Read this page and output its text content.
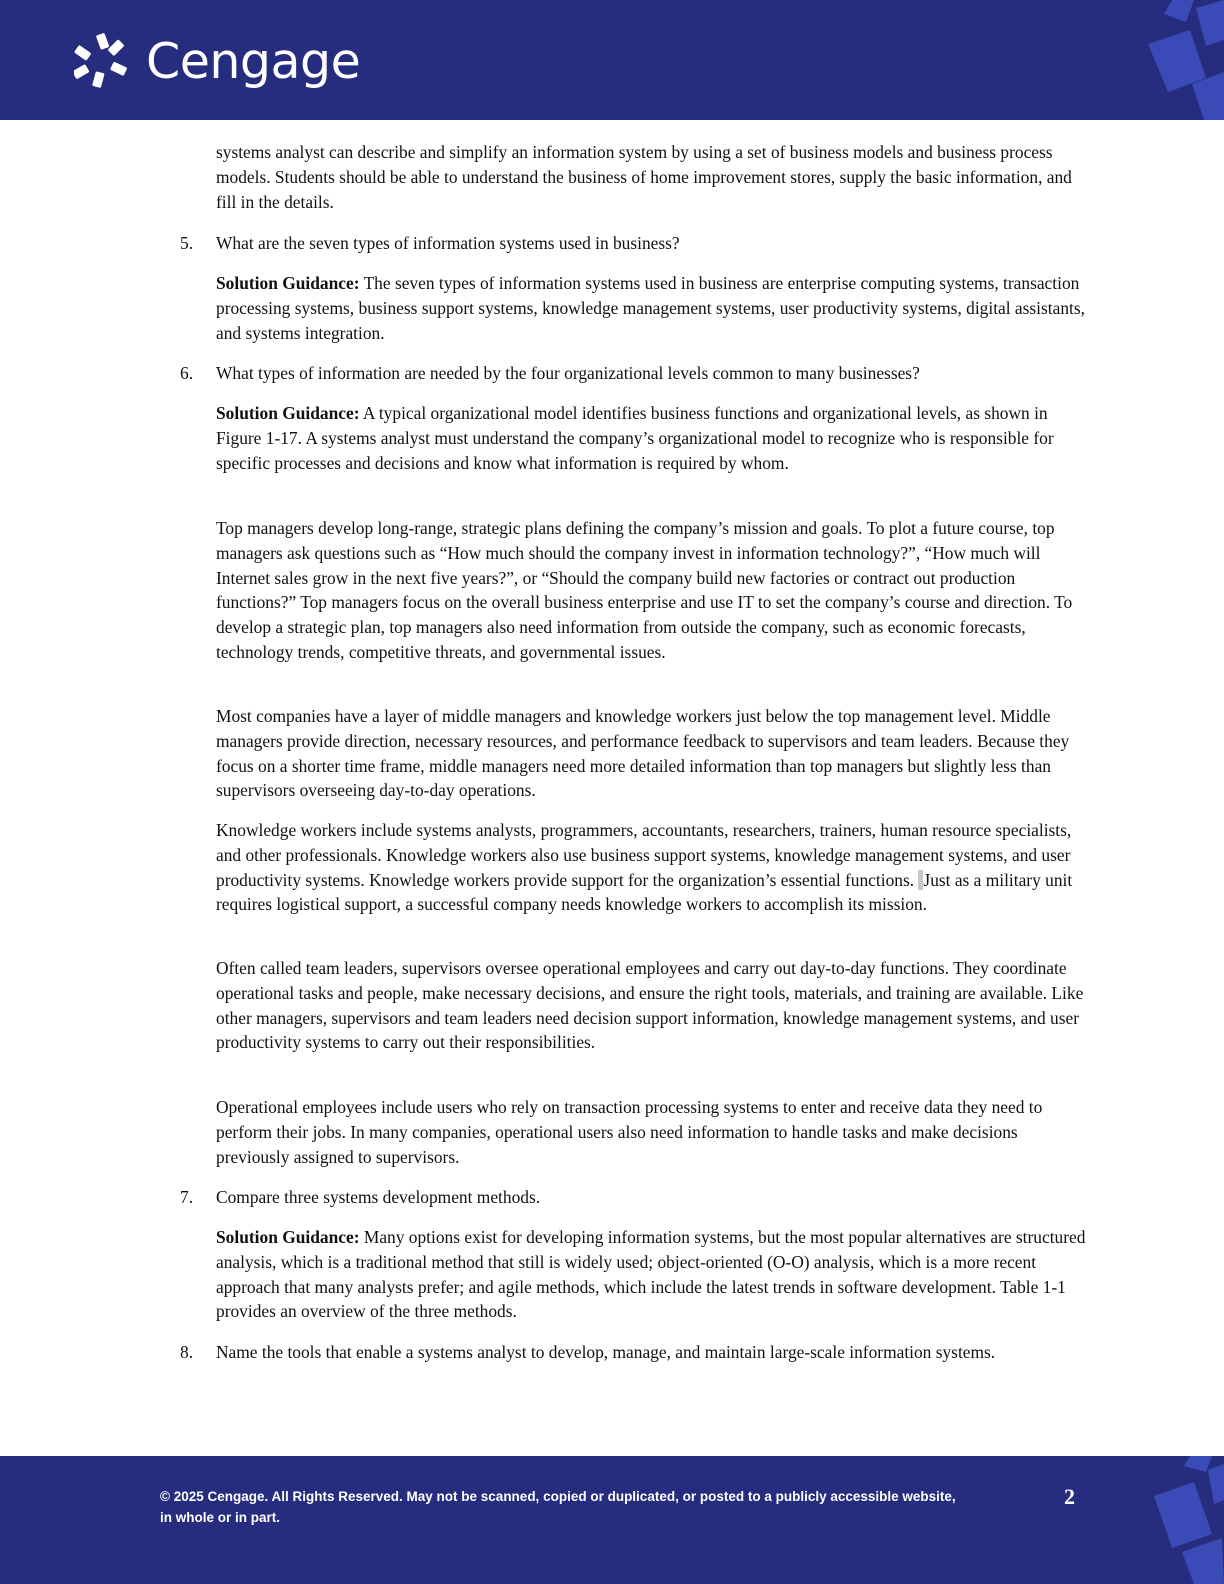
Cengage

systems analyst can describe and simplify an information system by using a set of business models and business process models. Students should be able to understand the business of home improvement stores, supply the basic information, and fill in the details.

5. What are the seven types of information systems used in business?

Solution Guidance: The seven types of information systems used in business are enterprise computing systems, transaction processing systems, business support systems, knowledge management systems, user productivity systems, digital assistants, and systems integration.

6. What types of information are needed by the four organizational levels common to many businesses?

Solution Guidance: A typical organizational model identifies business functions and organizational levels, as shown in Figure 1-17. A systems analyst must understand the company’s organizational model to recognize who is responsible for specific processes and decisions and know what information is required by whom.

Top managers develop long-range, strategic plans defining the company’s mission and goals. To plot a future course, top managers ask questions such as “How much should the company invest in information technology?”, “How much will Internet sales grow in the next five years?”, or “Should the company build new factories or contract out production functions?” Top managers focus on the overall business enterprise and use IT to set the company’s course and direction. To develop a strategic plan, top managers also need information from outside the company, such as economic forecasts, technology trends, competitive threats, and governmental issues.

Most companies have a layer of middle managers and knowledge workers just below the top management level. Middle managers provide direction, necessary resources, and performance feedback to supervisors and team leaders. Because they focus on a shorter time frame, middle managers need more detailed information than top managers but slightly less than supervisors overseeing day-to-day operations.

Knowledge workers include systems analysts, programmers, accountants, researchers, trainers, human resource specialists, and other professionals. Knowledge workers also use business support systems, knowledge management systems, and user productivity systems. Knowledge workers provide support for the organization’s essential functions. Just as a military unit requires logistical support, a successful company needs knowledge workers to accomplish its mission.

Often called team leaders, supervisors oversee operational employees and carry out day-to-day functions. They coordinate operational tasks and people, make necessary decisions, and ensure the right tools, materials, and training are available. Like other managers, supervisors and team leaders need decision support information, knowledge management systems, and user productivity systems to carry out their responsibilities.

Operational employees include users who rely on transaction processing systems to enter and receive data they need to perform their jobs. In many companies, operational users also need information to handle tasks and make decisions previously assigned to supervisors.

7. Compare three systems development methods.

Solution Guidance: Many options exist for developing information systems, but the most popular alternatives are structured analysis, which is a traditional method that still is widely used; object-oriented (O-O) analysis, which is a more recent approach that many analysts prefer; and agile methods, which include the latest trends in software development. Table 1-1 provides an overview of the three methods.

8. Name the tools that enable a systems analyst to develop, manage, and maintain large-scale information systems.

© 2025 Cengage. All Rights Reserved. May not be scanned, copied or duplicated, or posted to a publicly accessible website, in whole or in part.
2
